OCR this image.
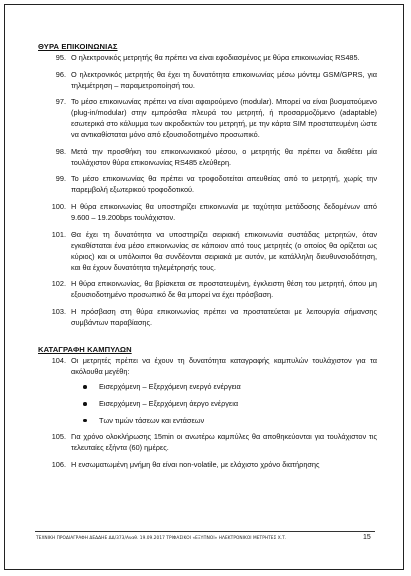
ΘΥΡΑ ΕΠΙΚΟΙΝΩΝΙΑΣ
95. Ο ηλεκτρονικός μετρητής θα πρέπει να είναι εφοδιασμένος με θύρα επικοινωνίας RS485.
96. Ο ηλεκτρονικός μετρητής θα έχει τη δυνατότητα επικοινωνίας μέσω μόντεμ GSM/GPRS, για τηλεμέτρηση – παραμετροποίησή του.
97. Το μέσο επικοινωνίας πρέπει να είναι αφαιρούμενο (modular). Μπορεί να είναι βυσματούμενο (plug-in/modular) στην εμπρόσθια πλευρά του μετρητή, ή προσαρμοζόμενο (adaptable) εσωτερικά στο κάλυμμα των ακροδεκτών του μετρητή, με την κάρτα SIM προστατευμένη ώστε να αντικαθίσταται μόνο από εξουσιοδοτημένο προσωπικό.
98. Μετά την προσθήκη του επικοινωνιακού μέσου, ο μετρητής θα πρέπει να διαθέτει μία τουλάχιστον θύρα επικοινωνίας RS485 ελεύθερη.
99. Το μέσο επικοινωνίας θα πρέπει να τροφοδοτείται απευθείας από το μετρητή, χωρίς την παρεμβολή εξωτερικού τροφοδοτικού.
100. Η θύρα επικοινωνίας θα υποστηρίζει επικοινωνία με ταχύτητα μετάδοσης δεδομένων από 9.600 – 19.200bps τουλάχιστον.
101. Θα έχει τη δυνατότητα να υποστηρίζει σειριακή επικοινωνία συστάδας μετρητών, όταν εγκαθίσταται ένα μέσο επικοινωνίας σε κάποιον από τους μετρητές (ο οποίος θα ορίζεται ως κύριος) και οι υπόλοιποι θα συνδέονται σειριακά με αυτόν, με κατάλληλη διευθυνσιοδότηση, και θα έχουν δυνατότητα τηλεμέτρησής τους.
102. Η θύρα επικοινωνίας, θα βρίσκεται σε προστατευμένη, έγκλειστη θέση του μετρητή, όπου μη εξουσιοδοτημένο προσωπικό δε θα μπορεί να έχει πρόσβαση.
103. Η πρόσβαση στη θύρα επικοινωνίας πρέπει να προστατεύεται με λειτουργία σήμανσης συμβάντων παραβίασης.
ΚΑΤΑΓΡΑΦΗ ΚΑΜΠΥΛΩΝ
104. Οι μετρητές πρέπει να έχουν τη δυνατότητα καταγραφής καμπυλών τουλάχιστον για τα ακόλουθα μεγέθη:
Εισερχόμενη – Εξερχόμενη ενεργό ενέργεια
Εισερχόμενη – Εξερχόμενη άεργο ενέργεια
Των τιμών τάσεων και εντάσεων
105. Για χρόνο ολοκλήρωσης 15min οι ανωτέρω καμπύλες θα αποθηκεύονται για τουλάχιστον τις τελευταίες εξήντα (60) ημέρες.
106. Η ενσωματωμένη μνήμη θα είναι non-volatile, με ελάχιστο χρόνο διατήρησης
ΤΕΧΝΙΚΗ ΠΡΟΔΙΑΓΡΑΦΗ ΔΕΔΔΗΕ ΔΔ/373/Αναθ. 19.09.2017 ΤΡΙΦΑΣΙΚΟΙ «ΕΞΥΠΝΟΙ» ΗΛΕΚΤΡΟΝΙΚΟΙ ΜΕΤΡΗΤΕΣ Χ.Τ.	15
